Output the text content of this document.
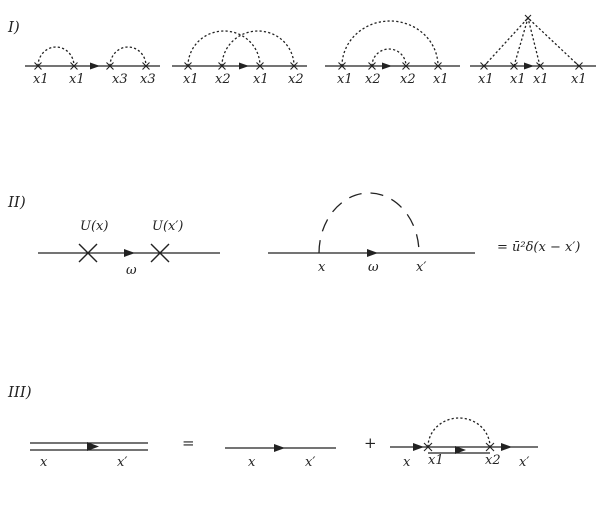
I)
x1 x1 x3 x3 x1 x2 x1 x2	x1 x2 x2 x1 x1 x1 x1 x1
II)
U(x)	U(x′)
ω	x	ω	x′
= ū²δ(x − x′)
III)
x	x′
=
x	x′
+
x x1	x2 x′
